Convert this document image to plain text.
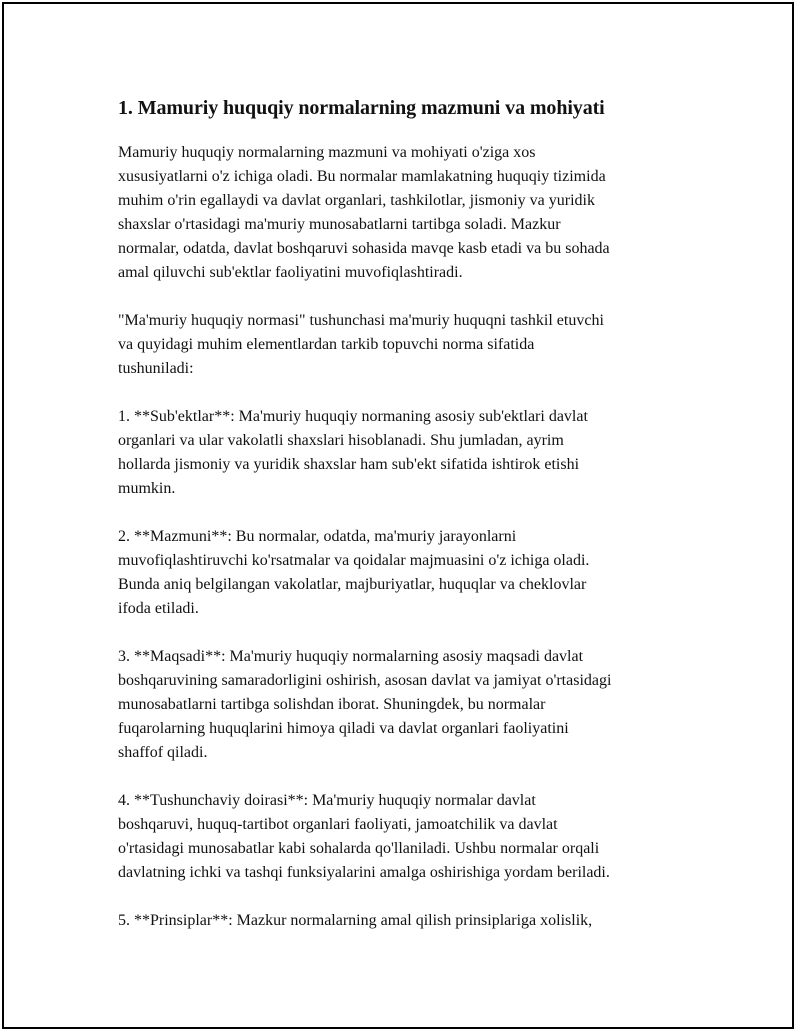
1. Mamuriy huquqiy normalarning mazmuni va mohiyati

Mamuriy huquqiy normalarning mazmuni va mohiyati o'ziga xos
xususiyatlarni o'z ichiga oladi. Bu normalar mamlakatning huquqiy tizimida
muhim o'rin egallaydi va davlat organlari, tashkilotlar, jismoniy va yuridik
shaxslar o'rtasidagi ma'muriy munosabatlarni tartibga soladi. Mazkur
normalar, odatda, davlat boshqaruvi sohasida mavqe kasb etadi va bu sohada
amal qiluvchi sub'ektlar faoliyatini muvofiqlashtiradi.

"Ma'muriy huquqiy normasi" tushunchasi ma'muriy huquqni tashkil etuvchi
va quyidagi muhim elementlardan tarkib topuvchi norma sifatida
tushuniladi:

1. **Sub'ektlar**: Ma'muriy huquqiy normaning asosiy sub'ektlari davlat
organlari va ular vakolatli shaxslari hisoblanadi. Shu jumladan, ayrim
hollarda jismoniy va yuridik shaxslar ham sub'ekt sifatida ishtirok etishi
mumkin.

2. **Mazmuni**: Bu normalar, odatda, ma'muriy jarayonlarni
muvofiqlashtiruvchi ko'rsatmalar va qoidalar majmuasini o'z ichiga oladi.
Bunda aniq belgilangan vakolatlar, majburiyatlar, huquqlar va cheklovlar
ifoda etiladi.

3. **Maqsadi**: Ma'muriy huquqiy normalarning asosiy maqsadi davlat
boshqaruvining samaradorligini oshirish, asosan davlat va jamiyat o'rtasidagi
munosabatlarni tartibga solishdan iborat. Shuningdek, bu normalar
fuqarolarning huquqlarini himoya qiladi va davlat organlari faoliyatini
shaffof qiladi.

4. **Tushunchaviy doirasi**: Ma'muriy huquqiy normalar davlat
boshqaruvi, huquq-tartibot organlari faoliyati, jamoatchilik va davlat
o'rtasidagi munosabatlar kabi sohalarda qo'llaniladi. Ushbu normalar orqali
davlatning ichki va tashqi funksiyalarini amalga oshirishiga yordam beriladi.

5. **Prinsiplar**: Mazkur normalarning amal qilish prinsiplariga xolislik,
